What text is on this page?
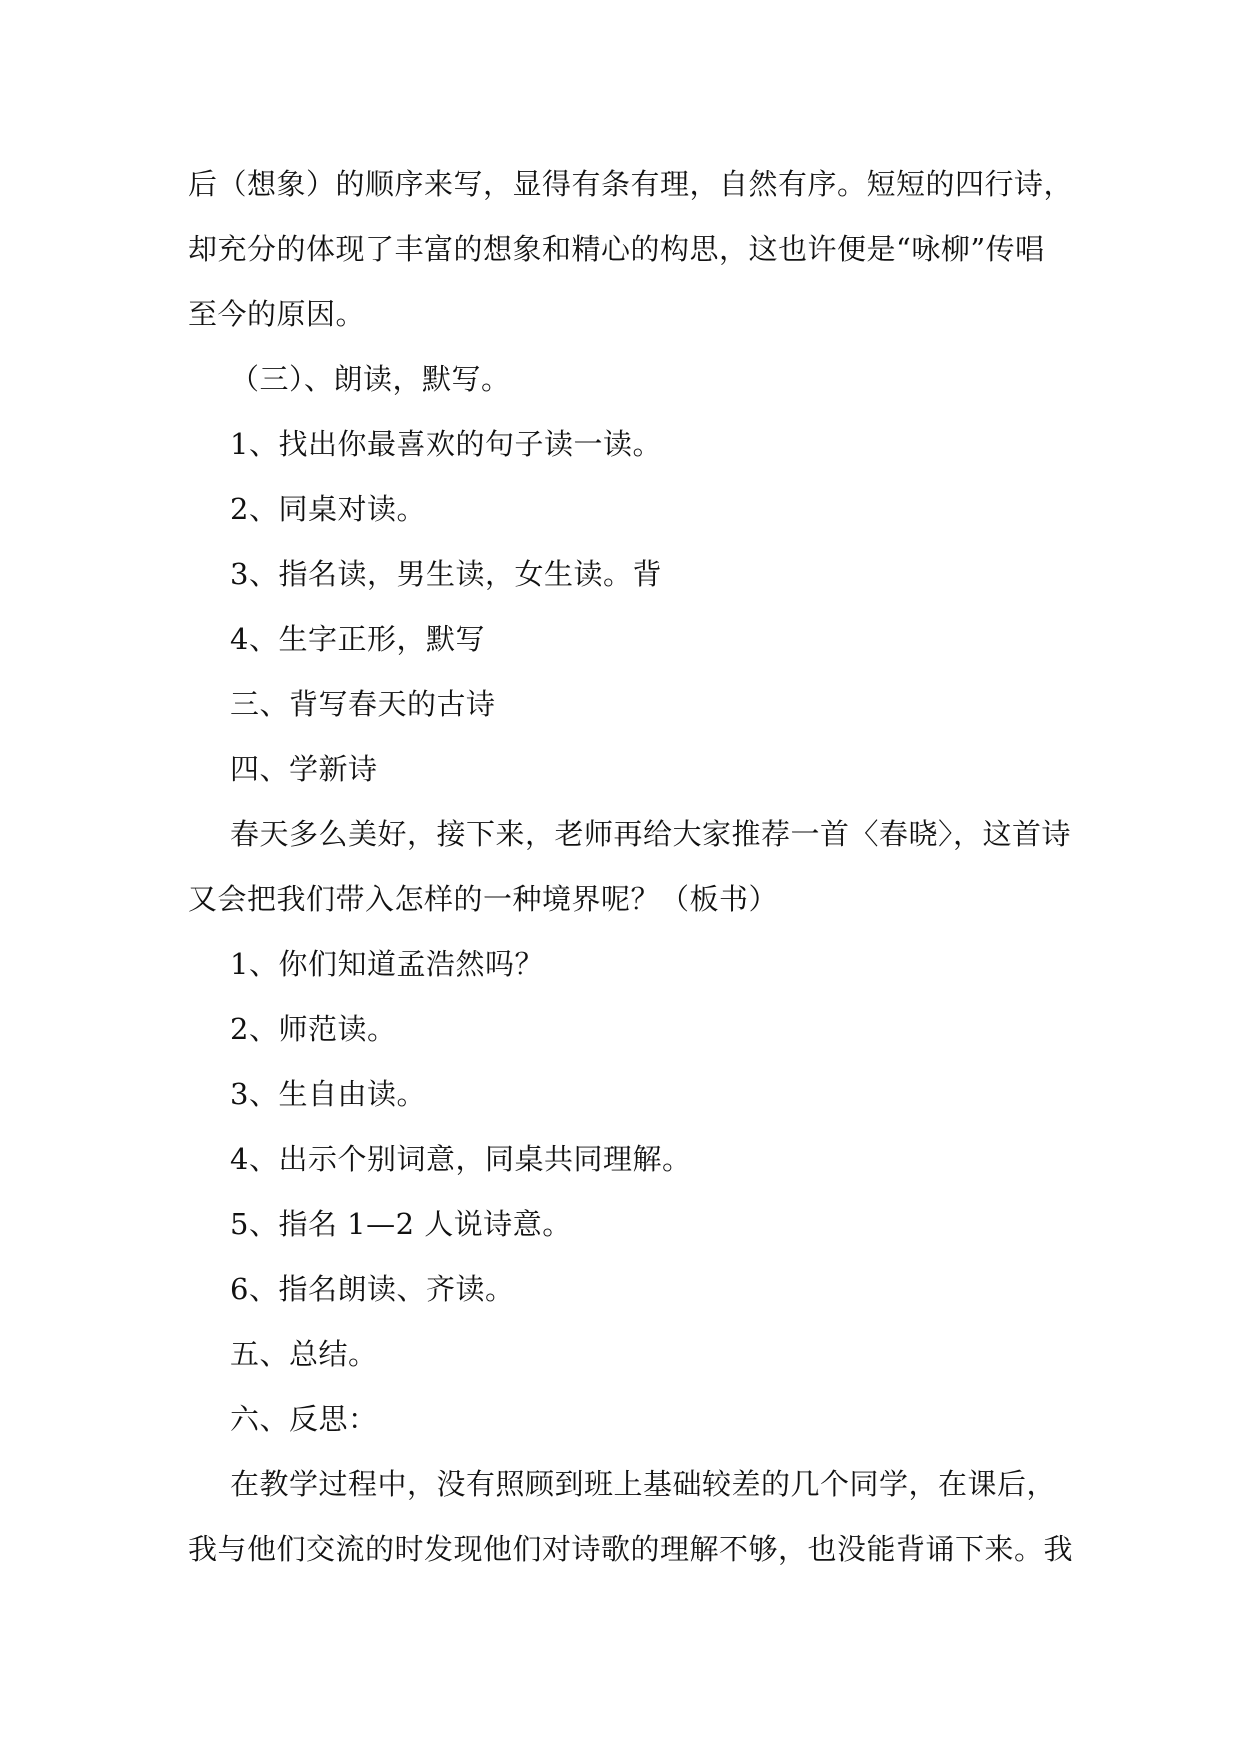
后（想象）的顺序来写，显得有条有理，自然有序。短短的四行诗，
却充分的体现了丰富的想象和精心的构思，这也许便是“咏柳”传唱
至今的原因。
（三）、朗读，默写。
1、找出你最喜欢的句子读一读。
2、同桌对读。
3、指名读，男生读，女生读。背
4、生字正形，默写
三、背写春天的古诗
四、学新诗
春天多么美好，接下来，老师再给大家推荐一首〈春晓〉，这首诗
又会把我们带入怎样的一种境界呢？（板书）
1、你们知道孟浩然吗？
2、师范读。
3、生自由读。
4、出示个别词意，同桌共同理解。
5、指名 1—2 人说诗意。
6、指名朗读、齐读。
五、总结。
六、反思：
在教学过程中，没有照顾到班上基础较差的几个同学，在课后，
我与他们交流的时发现他们对诗歌的理解不够，也没能背诵下来。我
